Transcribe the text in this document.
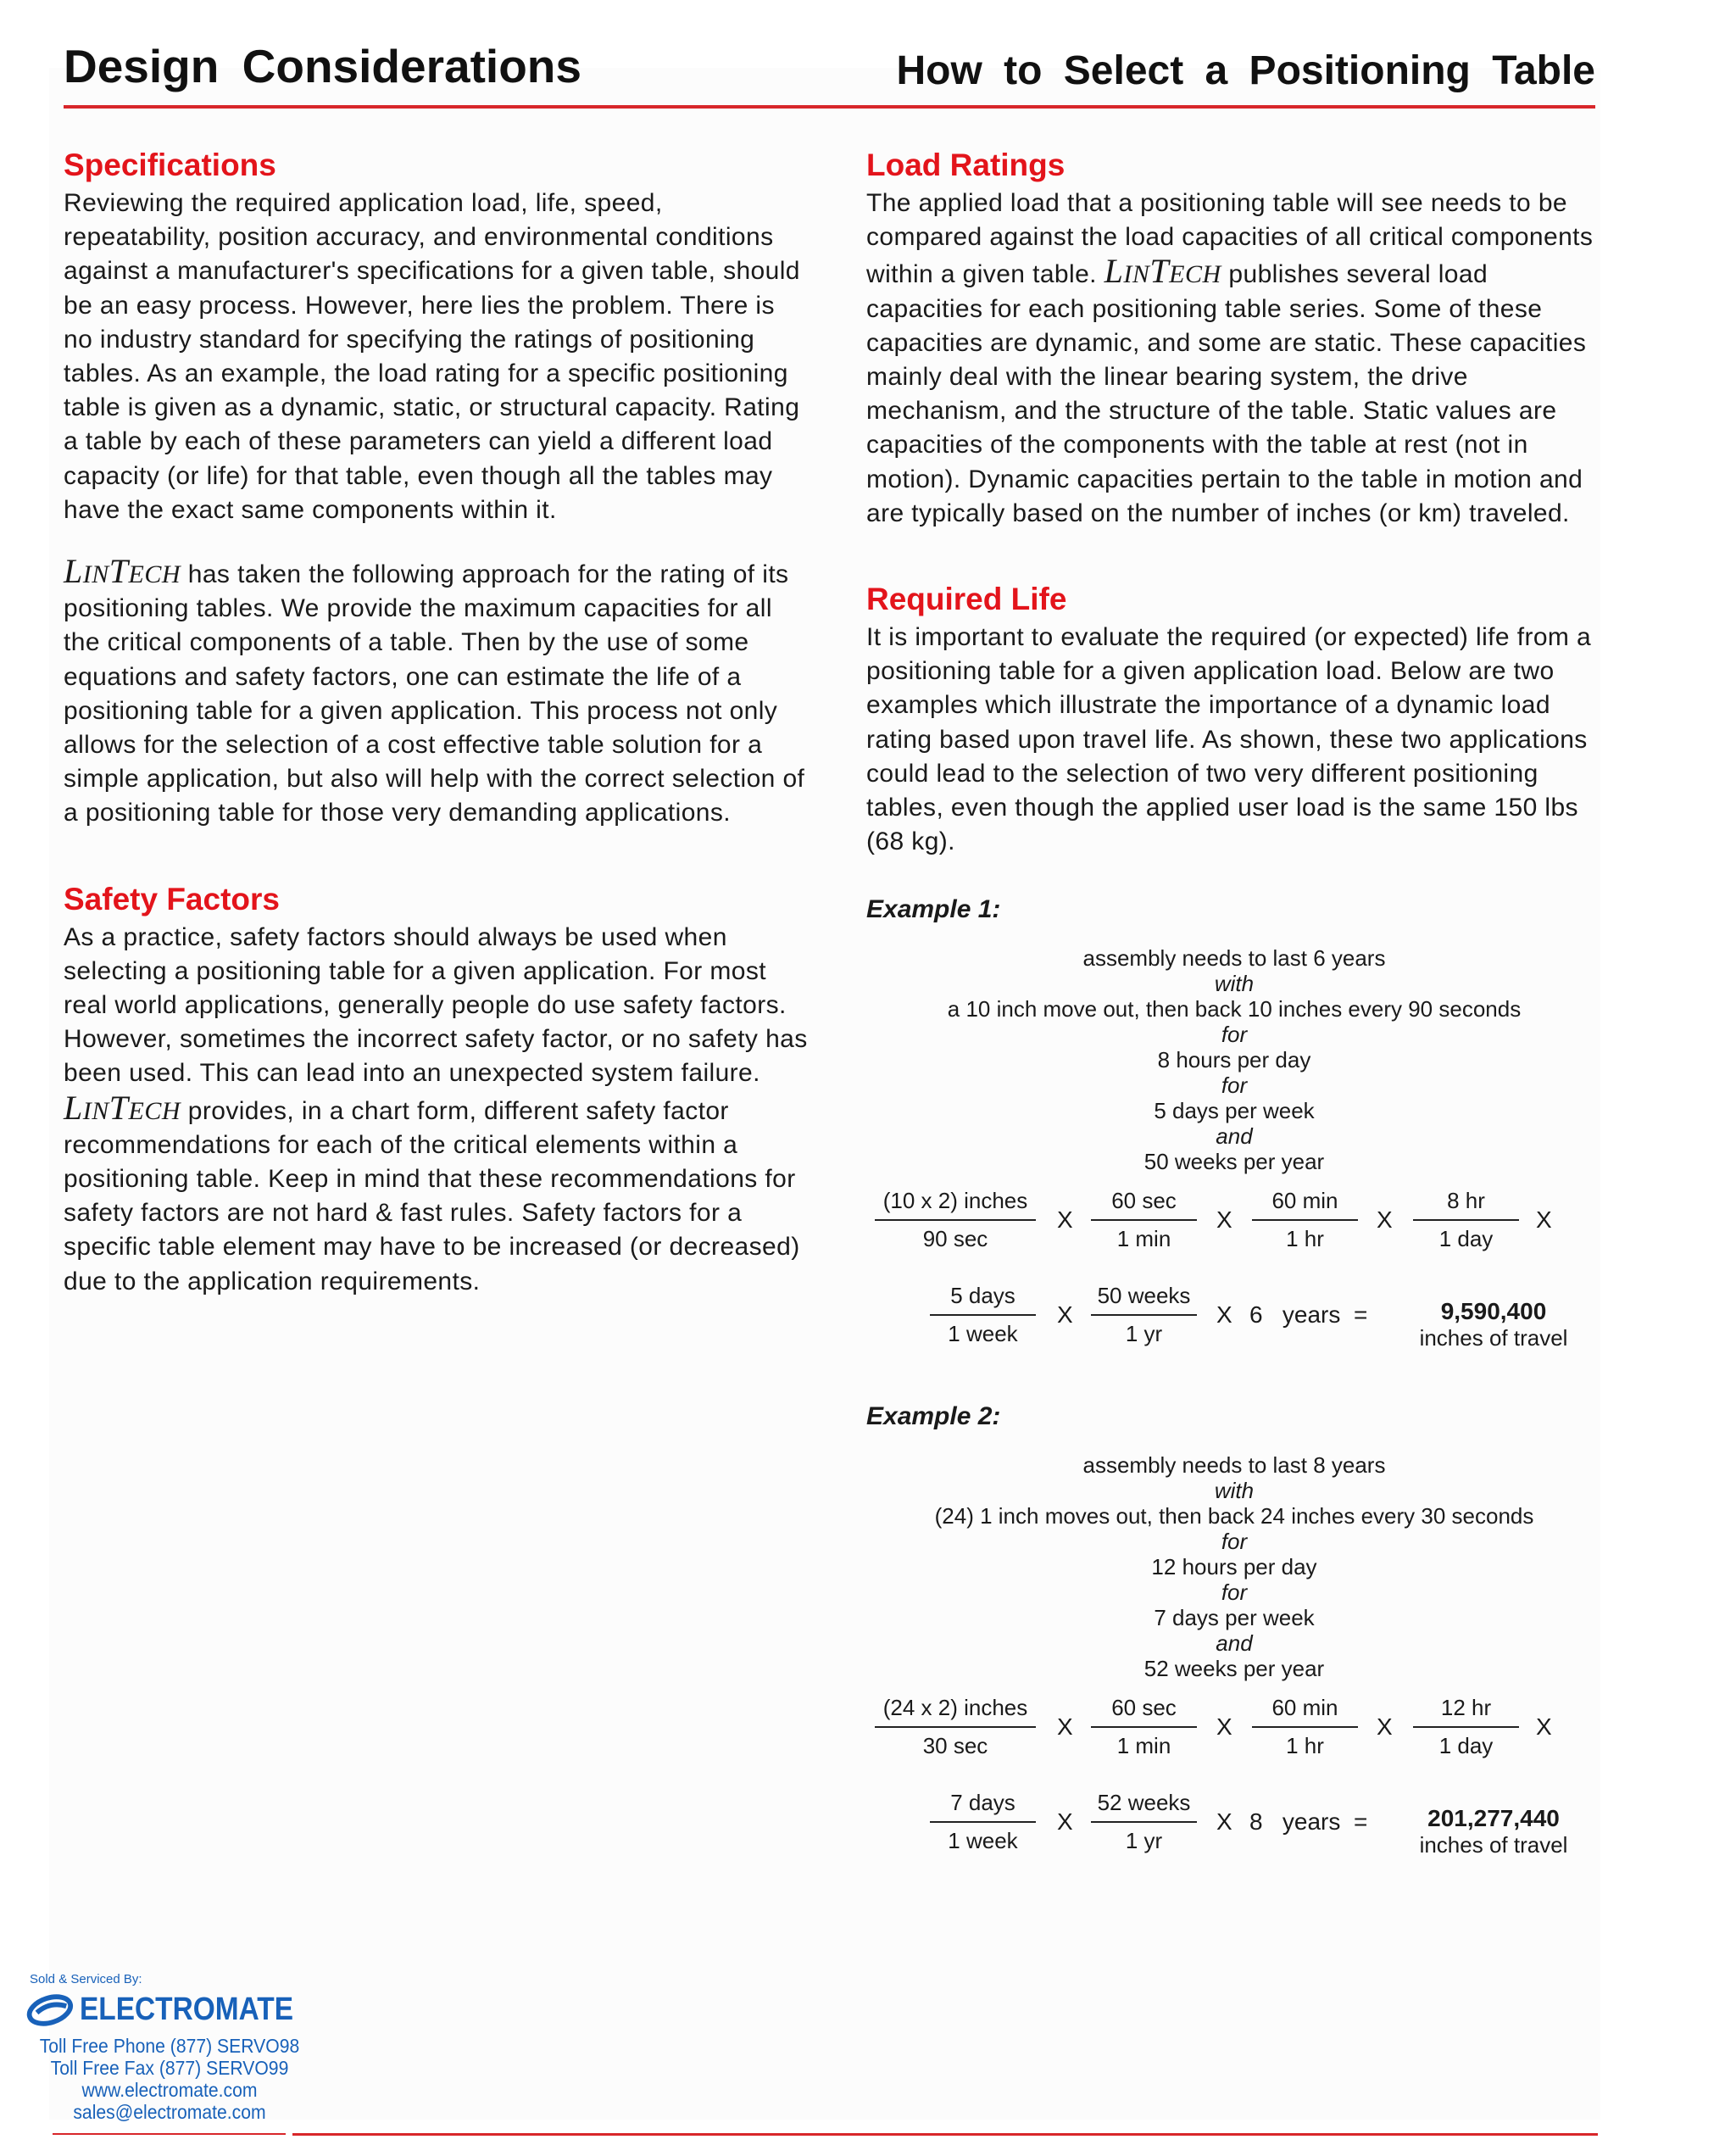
Design Considerations	How to Select a Positioning Table
Specifications

Reviewing the required application load, life, speed, repeatability, position accuracy, and environmental conditions against a manufacturer's specifications for a given table, should be an easy process. However, here lies the problem. There is no industry standard for specifying the ratings of positioning tables. As an example, the load rating for a specific positioning table is given as a dynamic, static, or structural capacity. Rating a table by each of these parameters can yield a different load capacity (or life) for that table, even though all the tables may have the exact same components within it.

LINTECH has taken the following approach for the rating of its positioning tables. We provide the maximum capacities for all the critical components of a table. Then by the use of some equations and safety factors, one can estimate the life of a positioning table for a given application. This process not only allows for the selection of a cost effective table solution for a simple application, but also will help with the correct selection of a positioning table for those very demanding applications.

Safety Factors

As a practice, safety factors should always be used when selecting a positioning table for a given application. For most real world applications, generally people do use safety factors. However, sometimes the incorrect safety factor, or no safety has been used. This can lead into an unexpected system failure. LINTECH provides, in a chart form, different safety factor recommendations for each of the critical elements within a positioning table. Keep in mind that these recommendations for safety factors are not hard & fast rules. Safety factors for a specific table element may have to be increased (or decreased) due to the application requirements.

Load Ratings

The applied load that a positioning table will see needs to be compared against the load capacities of all critical components within a given table. LINTECH publishes several load capacities for each positioning table series. Some of these capacities are dynamic, and some are static. These capacities mainly deal with the linear bearing system, the drive mechanism, and the structure of the table. Static values are capacities of the components with the table at rest (not in motion). Dynamic capacities pertain to the table in motion and are typically based on the number of inches (or km) traveled.

Required Life

It is important to evaluate the required (or expected) life from a positioning table for a given application load. Below are two examples which illustrate the importance of a dynamic load rating based upon travel life. As shown, these two applications could lead to the selection of two very different positioning tables, even though the applied user load is the same 150 lbs (68 kg).

Example 1:

assembly needs to last 6 years
with
a 10 inch move out, then back 10 inches every 90 seconds
for
8 hours per day
for
5 days per week
and
50 weeks per year
(10 x 2) inches
90 sec
X
60 sec
1 min
X
60 min
1 hr
X
8 hr
1 day
X
5 days
1 week
X
50 weeks
1 yr
X 6   years =	9,590,400
inches of travel

Example 2:

assembly needs to last 8 years
with
(24) 1 inch moves out, then back 24 inches every 30 seconds
for
12 hours per day
for
7 days per week
and
52 weeks per year
(24 x 2) inches
30 sec
X
60 sec
1 min
X
60 min
1 hr
X
12 hr
1 day
X
7 days
1 week
X
52 weeks
1 yr
X 8   years =	201,277,440
inches of travel
Sold & Serviced By:
ELECTROMATE
Toll Free Phone (877) SERVO98
Toll Free Fax (877) SERVO99
www.electromate.com
sales@electromate.com
